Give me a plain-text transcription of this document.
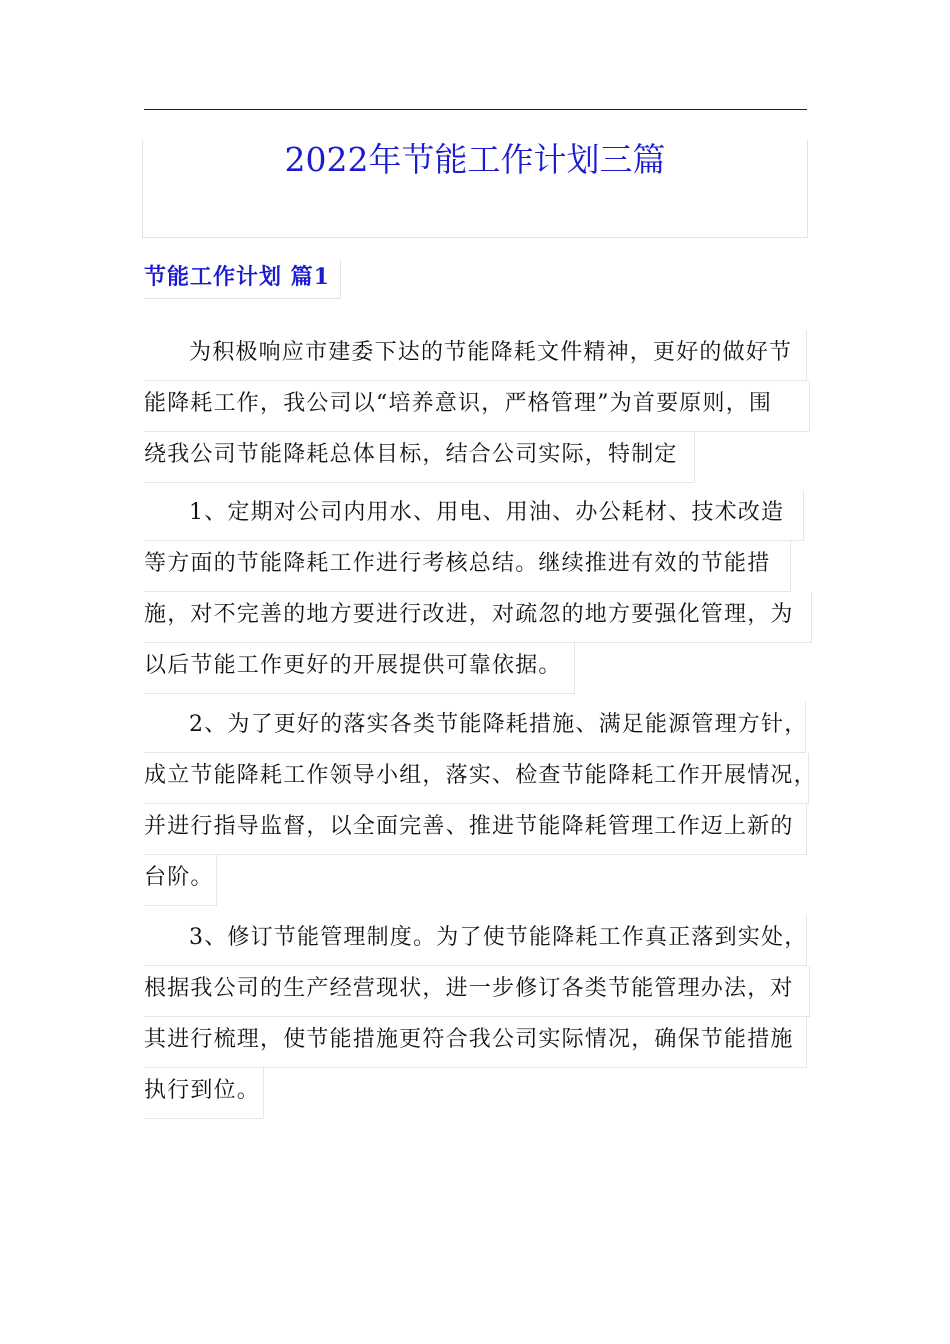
2022年节能工作计划三篇
节能工作计划 篇1
为积极响应市建委下达的节能降耗文件精神，更好的做好节
能降耗工作，我公司以“培养意识，严格管理”为首要原则，围
绕我公司节能降耗总体目标，结合公司实际，特制定
1、定期对公司内用水、用电、用油、办公耗材、技术改造
等方面的节能降耗工作进行考核总结。继续推进有效的节能措
施，对不完善的地方要进行改进，对疏忽的地方要强化管理，为
以后节能工作更好的开展提供可靠依据。
2、为了更好的落实各类节能降耗措施、满足能源管理方针，
成立节能降耗工作领导小组，落实、检查节能降耗工作开展情况，
并进行指导监督，以全面完善、推进节能降耗管理工作迈上新的
台阶。
3、修订节能管理制度。为了使节能降耗工作真正落到实处，
根据我公司的生产经营现状，进一步修订各类节能管理办法，对
其进行梳理，使节能措施更符合我公司实际情况，确保节能措施
执行到位。
